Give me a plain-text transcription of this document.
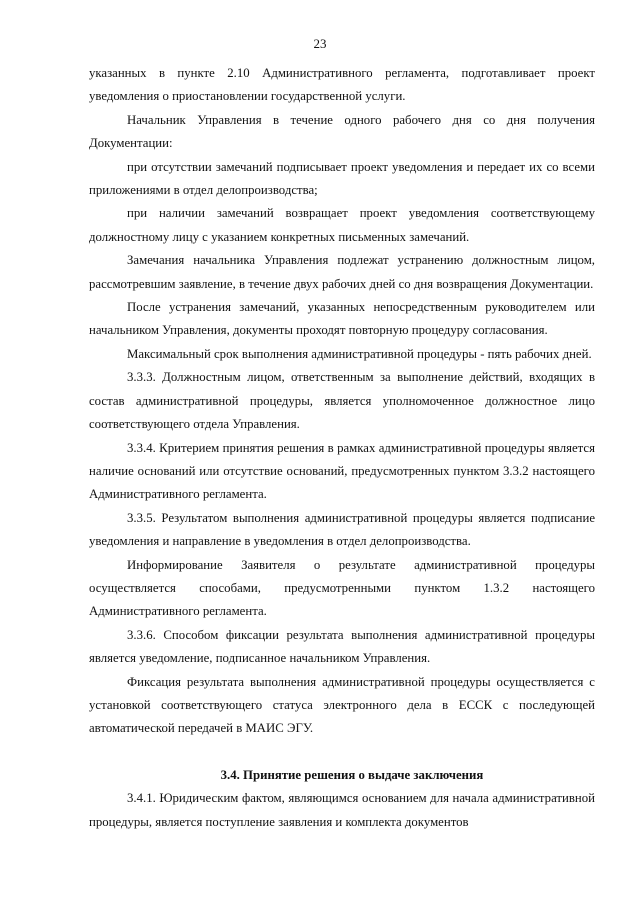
23

указанных в пункте 2.10 Административного регламента, подготавливает проект уведомления о приостановлении государственной услуги.

Начальник Управления в течение одного рабочего дня со дня получения Документации:

при отсутствии замечаний подписывает проект уведомления и передает их со всеми приложениями в отдел делопроизводства;

при наличии замечаний возвращает проект уведомления соответствующему должностному лицу с указанием конкретных письменных замечаний.

Замечания начальника Управления подлежат устранению должностным лицом, рассмотревшим заявление, в течение двух рабочих дней со дня возвращения Документации.

После устранения замечаний, указанных непосредственным руководителем или начальником Управления, документы проходят повторную процедуру согласования.

Максимальный срок выполнения административной процедуры - пять рабочих дней.

3.3.3. Должностным лицом, ответственным за выполнение действий, входящих в состав административной процедуры, является уполномоченное должностное лицо соответствующего отдела Управления.

3.3.4. Критерием принятия решения в рамках административной процедуры является наличие оснований или отсутствие оснований, предусмотренных пунктом 3.3.2 настоящего Административного регламента.

3.3.5. Результатом выполнения административной процедуры является подписание уведомления и направление в уведомления в отдел делопроизводства.

Информирование Заявителя о результате административной процедуры осуществляется способами, предусмотренными пунктом 1.3.2 настоящего Административного регламента.

3.3.6. Способом фиксации результата выполнения административной процедуры является уведомление, подписанное начальником Управления.

Фиксация результата выполнения административной процедуры осуществляется с установкой соответствующего статуса электронного дела в ЕССК с последующей автоматической передачей в МАИС ЭГУ.

3.4. Принятие решения о выдаче заключения

3.4.1. Юридическим фактом, являющимся основанием для начала административной процедуры, является поступление заявления и комплекта документов
